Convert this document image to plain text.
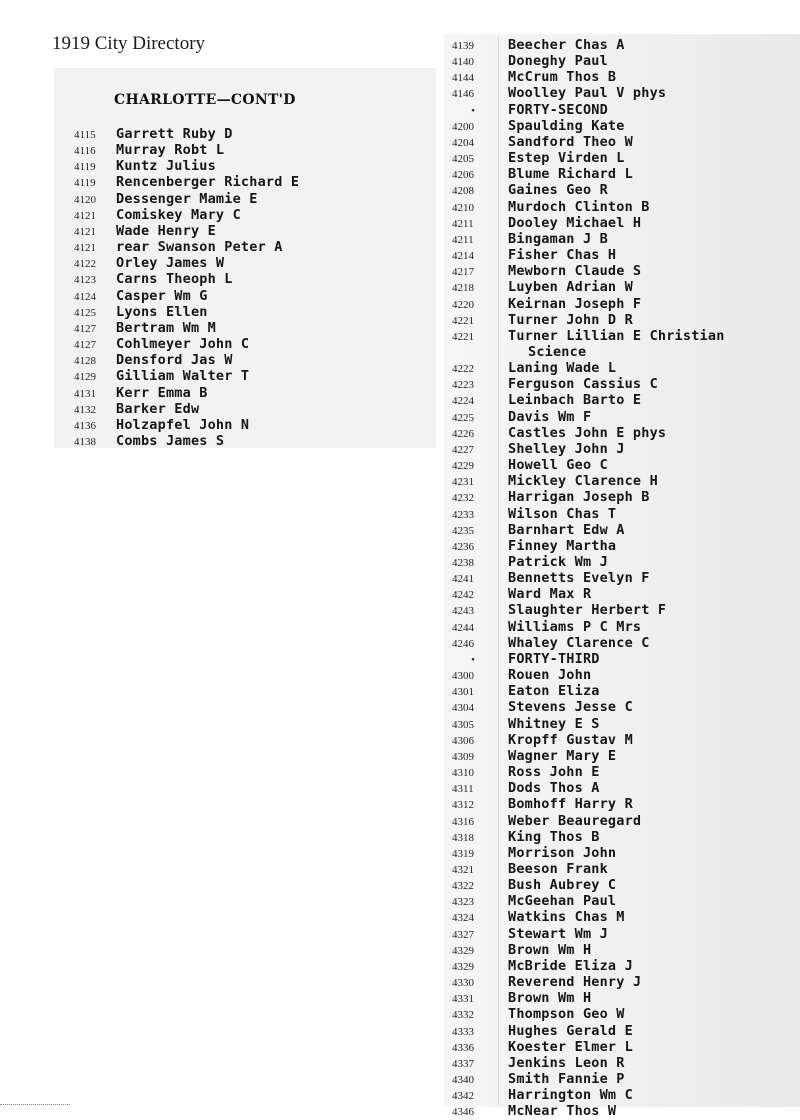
1919 City Directory
CHARLOTTE—CONT'D
4115 Garrett Ruby D
4116 Murray Robt L
4119 Kuntz Julius
4119 Rencenberger Richard E
4120 Dessenger Mamie E
4121 Comiskey Mary C
4121 Wade Henry E
4121 rear Swanson Peter A
4122 Orley James W
4123 Carns Theoph L
4124 Casper Wm G
4125 Lyons Ellen
4127 Bertram Wm M
4127 Cohlmeyer John C
4128 Densford Jas W
4129 Gilliam Walter T
4131 Kerr Emma B
4132 Barker Edw
4136 Holzapfel John N
4138 Combs James S
4139	Beecher Chas A
4140	Doneghy Paul
4144	McCrum Thos B
4146	Woolley Paul V phys
• FORTY-SECOND
4200	Spaulding Kate
4204	Sandford Theo W
4205	Estep Virden L
4206	Blume Richard L
4208	Gaines Geo R
4210	Murdoch Clinton B
4211	Dooley Michael H
4211	Bingaman J B
4214	Fisher Chas H
4217	Mewborn Claude S
4218	Luyben Adrian W
4220	Keirnan Joseph F
4221	Turner John D R
4221	Turner Lillian E Christian
Science
4222	Laning Wade L
4223	Ferguson Cassius C
4224	Leinbach Barto E
4225	Davis Wm F
4226	Castles John E phys
4227	Shelley John J
4229	Howell Geo C
4231	Mickley Clarence H
4232	Harrigan Joseph B
4233	Wilson Chas T
4235	Barnhart Edw A
4236	Finney Martha
4238	Patrick Wm J
4241	Bennetts Evelyn F
4242	Ward Max R
4243	Slaughter Herbert F
4244	Williams P C Mrs
4246	Whaley Clarence C
• FORTY-THIRD
4300	Rouen John
4301	Eaton Eliza
4304	Stevens Jesse C
4305	Whitney E S
4306	Kropff Gustav M
4309	Wagner Mary E
4310	Ross John E
4311	Dods Thos A
4312	Bomhoff Harry R
4316	Weber Beauregard
4318	King Thos B
4319	Morrison John
4321	Beeson Frank
4322	Bush Aubrey C
4323	McGeehan Paul
4324	Watkins Chas M
4327	Stewart Wm J
4329	Brown Wm H
4329	McBride Eliza J
4330	Reverend Henry J
4331	Brown Wm H
4332	Thompson Geo W
4333	Hughes Gerald E
4336	Koester Elmer L
4337	Jenkins Leon R
4340	Smith Fannie P
4342	Harrington Wm C
4346	McNear Thos W
